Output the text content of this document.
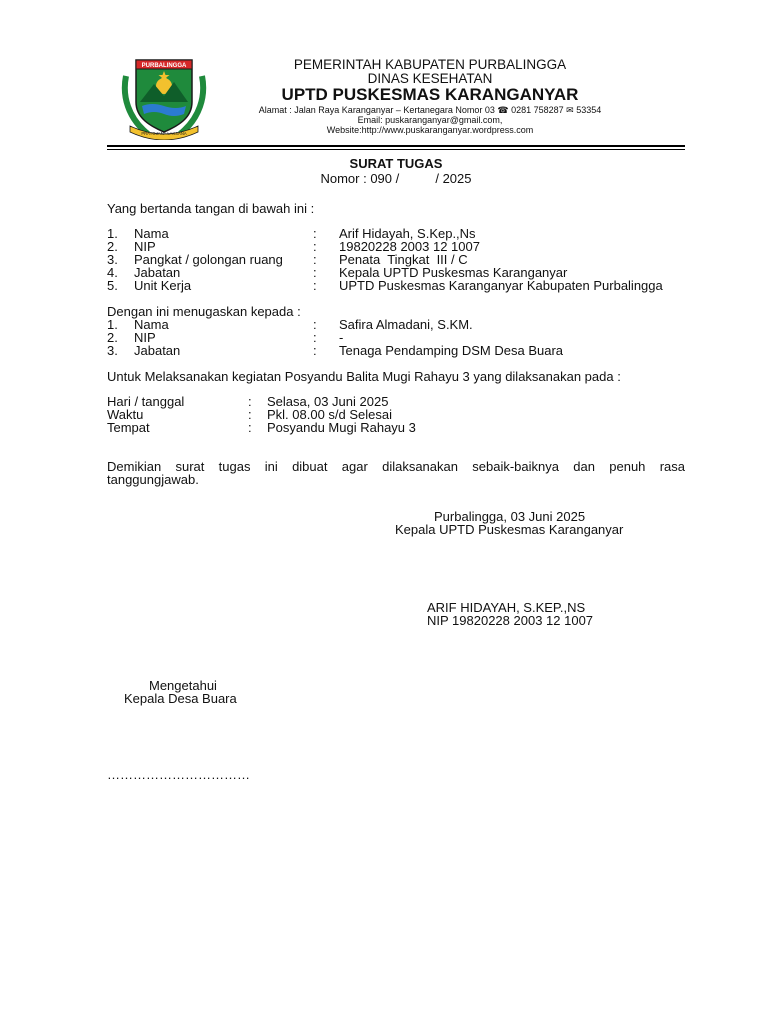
PURBALINGGA
PRAYOJANA LAKSANA
PEMERINTAH KABUPATEN PURBALINGGA
DINAS KESEHATAN
UPTD PUSKESMAS KARANGANYAR
Alamat : Jalan Raya Karanganyar – Kertanegara Nomor 03 ☎ 0281 758287 ✉ 53354
Email: puskaranganyar@gmail.com,
Website:http://www.puskaranganyar.wordpress.com
SURAT TUGAS
Nomor : 090 /          / 2025
Yang bertanda tangan di bawah ini :
1. Nama	: Arif Hidayah, S.Kep.,Ns
2. NIP	: 19820228 2003 12 1007
3. Pangkat / golongan ruang : Penata  Tingkat  III / C
4. Jabatan	: Kepala UPTD Puskesmas Karanganyar
5. Unit Kerja	: UPTD Puskesmas Karanganyar Kabupaten Purbalingga
Dengan ini menugaskan kepada :
1. Nama	: Safira Almadani, S.KM.
2. NIP	: -
3. Jabatan	: Tenaga Pendamping DSM Desa Buara
Untuk Melaksanakan kegiatan Posyandu Balita Mugi Rahayu 3 yang dilaksanakan pada :
Hari / tanggal	: Selasa, 03 Juni 2025
Waktu	: Pkl. 08.00 s/d Selesai
Tempat	: Posyandu Mugi Rahayu 3
Demikian surat tugas ini dibuat agar dilaksanakan sebaik-baiknya dan penuh rasa
tanggungjawab.
Purbalingga, 03 Juni 2025
Kepala UPTD Puskesmas Karanganyar
ARIF HIDAYAH, S.KEP.,NS
NIP 19820228 2003 12 1007
Mengetahui
Kepala Desa Buara
……………………………
